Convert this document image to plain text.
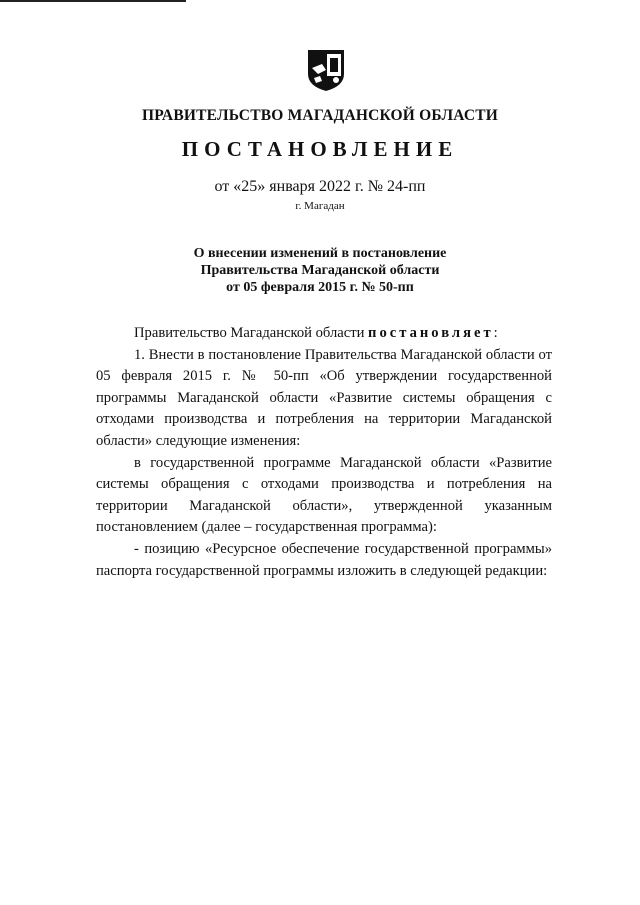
ПРАВИТЕЛЬСТВО МАГАДАНСКОЙ ОБЛАСТИ
ПОСТАНОВЛЕНИЕ
от «25» января 2022 г. № 24-пп
г. Магадан
О внесении изменений в постановление
Правительства Магаданской области
от 05 февраля 2015 г. № 50-пп

Правительство Магаданской области постановляет:

1. Внести в постановление Правительства Магаданской области от 05 февраля 2015 г. № 50-пп «Об утверждении государственной программы Магаданской области «Развитие системы обращения с отходами производства и потребления на территории Магаданской области» следующие изменения:

в государственной программе Магаданской области «Развитие системы обращения с отходами производства и потребления на территории Магаданской области», утвержденной указанным постановлением (далее – государственная программа):

- позицию «Ресурсное обеспечение государственной программы» паспорта государственной программы изложить в следующей редакции:
